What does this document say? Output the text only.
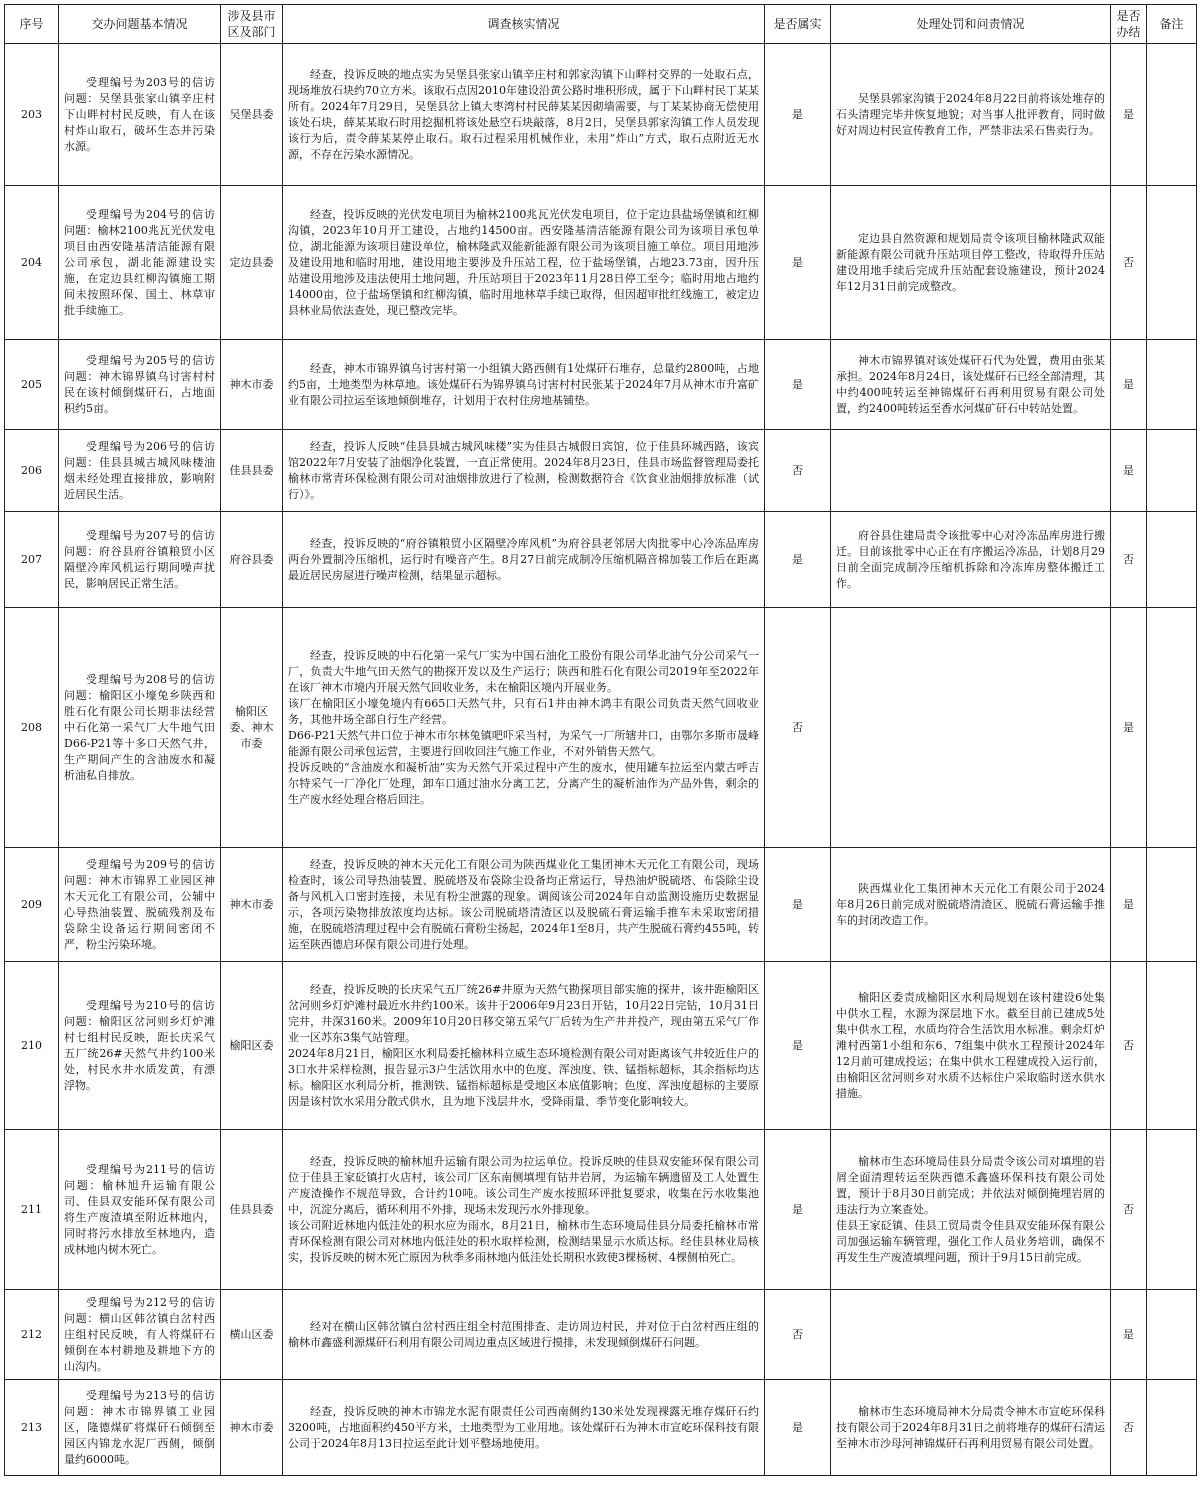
序号	交办问题基本情况	涉及县市区及部门	调查核实情况	是否属实	处理处罚和问责情况	是否办结	备注
203	受理编号为203号的信访问题：吴堡县张家山镇辛庄村下山畔村村民反映，有人在该村炸山取石，破坏生态并污染水源。	吴堡县委	经查，投诉反映的地点实为吴堡县张家山镇辛庄村和郭家沟镇下山畔村交界的一处取石点，现场堆放石块约70立方米。该取石点因2010年建设沿黄公路时堆积形成，属于下山畔村民丁某某所有。2024年7月29日，吴堡县岔上镇大枣湾村村民薛某某因砌墙需要，与丁某某协商无偿使用该处石块，薛某某取石时用挖掘机将该处悬空石块敲落，8月2日，吴堡县郭家沟镇工作人员发现该行为后，责令薛某某停止取石。取石过程采用机械作业，未用“炸山”方式，取石点附近无水源，不存在污染水源情况。	是	吴堡县郭家沟镇于2024年8月22日前将该处堆存的石头清理完毕并恢复地貌；对当事人批评教育，同时做好对周边村民宣传教育工作，严禁非法采石售卖行为。	是	
204	受理编号为204号的信访问题：榆林2100兆瓦光伏发电项目由西安隆基清洁能源有限公司承包，湖北能源建设实施，在定边县红柳沟镇施工期间未按照环保、国土、林草审批手续施工。	定边县委	经查，投诉反映的光伏发电项目为榆林2100兆瓦光伏发电项目，位于定边县盐场堡镇和红柳沟镇，2023年10月开工建设，占地约14500亩。西安隆基清洁能源有限公司为该项目承包单位，湖北能源为该项目建设单位，榆林隆武双能新能源有限公司为该项目施工单位。项目用地涉及建设用地和临时用地，建设用地主要涉及升压站工程，位于盐场堡镇，占地23.73亩，因升压站建设用地涉及违法使用土地问题，升压站项目于2023年11月28日停工至今；临时用地占地约14000亩，位于盐场堡镇和红柳沟镇，临时用地林草手续已取得，但因超审批红线施工，被定边县林业局依法查处，现已整改完毕。	是	定边县自然资源和规划局责令该项目榆林隆武双能新能源有限公司就升压站项目停工整改，待取得升压站建设用地手续后完成升压站配套设施建设，预计2024年12月31日前完成整改。	否	
205	受理编号为205号的信访问题：神木锦界镇乌讨害村村民在该村倾倒煤矸石，占地面积约5亩。	神木市委	经查，神木市锦界镇乌讨害村第一小组镇大路西侧有1处煤矸石堆存，总量约2800吨，占地约5亩，土地类型为林草地。该处煤矸石为锦界镇乌讨害村村民张某于2024年7月从神木市升富矿业有限公司拉运至该地倾倒堆存，计划用于农村住房地基铺垫。	是	神木市锦界镇对该处煤矸石代为处置，费用由张某承担。2024年8月24日，该处煤矸石已经全部清理，其中约400吨转运至神锦煤矸石再利用贸易有限公司处置，约2400吨转运至香水河煤矿矸石中转站处置。	是	
206	受理编号为206号的信访问题：佳县县城古城风味楼油烟未经处理直接排放，影响附近居民生活。	佳县县委	经查，投诉人反映“佳县县城古城风味楼”实为佳县古城假日宾馆，位于佳县环城西路，该宾馆2022年7月安装了油烟净化装置，一直正常使用。2024年8月23日，佳县市场监督管理局委托榆林市常青环保检测有限公司对油烟排放进行了检测，检测数据符合《饮食业油烟排放标准（试行）》。	否		是	
207	受理编号为207号的信访问题：府谷县府谷镇粮贸小区隔壁冷库风机运行期间噪声扰民，影响居民正常生活。	府谷县委	经查，投诉反映的“府谷镇粮贸小区隔壁冷库风机”为府谷县老邻居大肉批零中心冷冻品库房两台外置制冷压缩机，运行时有噪音产生。8月27日前完成制冷压缩机隔音棉加装工作后在距离最近居民房屋进行噪声检测，结果显示超标。	是	府谷县住建局责令该批零中心对冷冻品库房进行搬迁。目前该批零中心正在有序搬运冷冻品，计划8月29日前全面完成制冷压缩机拆除和冷冻库房整体搬迁工作。	否	
208	受理编号为208号的信访问题：榆阳区小壕兔乡陕西和胜石化有限公司长期非法经营中石化第一采气厂大牛地气田D66-P21等十多口天然气井，生产期间产生的含油废水和凝析油私自排放。	榆阳区委、神木市委	经查，投诉反映的中石化第一采气厂实为中国石油化工股份有限公司华北油气分公司采气一厂，负责大牛地气田天然气的勘探开发以及生产运行；陕西和胜石化有限公司2019年至2022年在该厂神木市境内开展天然气回收业务，未在榆阳区境内开展业务。
该厂在榆阳区小壕兔境内有665口天然气井，只有石1井由神木鸿丰有限公司负责天然气回收业务，其他井场全部自行生产经营。
D66-P21天然气井口位于神木市尔林兔镇吧吓采当村，为采气一厂所辖井口，由鄂尔多斯市晟峰能源有限公司承包运营，主要进行回收回注气施工作业，不对外销售天然气。
投诉反映的“含油废水和凝析油”实为天然气开采过程中产生的废水，使用罐车拉运至内蒙古呼吉尔特采气一厂净化厂处理，卸车口通过油水分离工艺，分离产生的凝析油作为产品外售，剩余的生产废水经处理合格后回注。	否		是	
209	受理编号为209号的信访问题：神木市锦界工业园区神木天元化工有限公司，公辅中心导热油装置、脱硫残剂及布袋除尘设备运行期间密闭不严，粉尘污染环境。	神木市委	经查，投诉反映的神木天元化工有限公司为陕西煤业化工集团神木天元化工有限公司，现场检查时，该公司导热油装置、脱硫塔及布袋除尘设备均正常运行，导热油炉脱硫塔、布袋除尘设备与风机入口密封连接，未见有粉尘泄露的现象。调阅该公司2024年自动监测设施历史数据显示，各项污染物排放浓度均达标。该公司脱硫塔清渣区以及脱硫石膏运输手推车未采取密闭措施，在脱硫塔清理过程中会有脱硫石膏粉尘扬起，2024年1至8月，共产生脱硫石膏约455吨，转运至陕西德启环保有限公司进行处理。	是	陕西煤业化工集团神木天元化工有限公司于2024年8月26日前完成对脱硫塔清渣区、脱硫石膏运输手推车的封闭改造工作。	是	
210	受理编号为210号的信访问题：榆阳区岔河则乡灯炉滩村七组村民反映，距长庆采气五厂统26#天然气井约100米处，村民水井水质发黄，有漂浮物。	榆阳区委	经查，投诉反映的长庆采气五厂统26#井原为天然气勘探项目部实施的探井，该井距榆阳区岔河则乡灯炉滩村最近水井约100米。该井于2006年9月23日开钻，10月22日完钻，10月31日完井，井深3160米。2009年10月20日移交第五采气厂后转为生产井并投产，现由第五采气厂作业一区苏东3集气站管理。
2024年8月21日，榆阳区水利局委托榆林科立威生态环境检测有限公司对距离该气井较近住户的3口水井采样检测，报告显示3户生活饮用水中的色度、浑浊度、铁、锰指标超标，其余指标均达标。榆阳区水利局分析，推测铁、锰指标超标是受地区本底值影响；色度、浑浊度超标的主要原因是该村饮水采用分散式供水，且为地下浅层井水，受降雨量、季节变化影响较大。	是	榆阳区委责成榆阳区水利局规划在该村建设6处集中供水工程，水源为深层地下水。截至目前已建成5处集中供水工程，水质均符合生活饮用水标准。剩余灯炉滩村西第1小组和东6、7组集中供水工程预计2024年12月前可建成投运；在集中供水工程建成投入运行前，由榆阳区岔河则乡对水质不达标住户采取临时送水供水措施。	否	
211	受理编号为211号的信访问题：榆林旭升运输有限公司、佳县双安能环保有限公司将生产废渣填至附近林地内，同时将污水排放至林地内，造成林地内树木死亡。	佳县县委	经查，投诉反映的榆林旭升运输有限公司为拉运单位。投诉反映的佳县双安能环保有限公司位于佳县王家砭镇打火店村，该公司厂区东南侧填埋有钻井岩屑，为运输车辆遗留及工人处置生产废渣操作不规范导致，合计约10吨。该公司生产废水按照环评批复要求，收集在污水收集池中，沉淀分离后，循环利用不外排，现场未发现污水外排现象。
该公司附近林地内低洼处的积水应为雨水，8月21日，榆林市生态环境局佳县分局委托榆林市常青环保检测有限公司对林地内低洼处的积水取样检测，检测结果显示水质达标。经佳县林业局核实，投诉反映的树木死亡原因为秋季多雨林地内低洼处长期积水致使3棵杨树、4棵侧柏死亡。	是	榆林市生态环境局佳县分局责令该公司对填埋的岩屑全面清理转运至陕西德禾鑫盛环保科技有限公司处置，预计于8月30日前完成；并依法对倾倒掩埋岩屑的违法行为立案查处。
佳县王家砭镇、佳县工贸局责令佳县双安能环保有限公司加强运输车辆管理，强化工作人员业务培训，确保不再发生生产废渣填埋问题，预计于9月15日前完成。	否	
212	受理编号为212号的信访问题：横山区韩岔镇白岔村西庄组村民反映，有人将煤矸石倾倒在本村耕地及耕地下方的山沟内。	横山区委	经对在横山区韩岔镇白岔村西庄组全村范围排查、走访周边村民，并对位于白岔村西庄组的榆林市鑫盛利源煤矸石利用有限公司周边重点区域进行摸排，未发现倾倒煤矸石问题。	否		是	
213	受理编号为213号的信访问题：神木市锦界镇工业园区，隆德煤矿将煤矸石倾倒至园区内锦龙水泥厂西侧，倾倒量约6000吨。	神木市委	经查，投诉反映的神木市锦龙水泥有限责任公司西南侧约130米处发现裸露无堆存煤矸石约3200吨，占地面积约450平方米，土地类型为工业用地。该处煤矸石为神木市宣屹环保科技有限公司于2024年8月13日拉运至此计划平整场地使用。	是	榆林市生态环境局神木分局责令神木市宣屹环保科技有限公司于2024年8月31日之前将堆存的煤矸石清运至神木市沙母河神锦煤矸石再利用贸易有限公司处置。	否	
